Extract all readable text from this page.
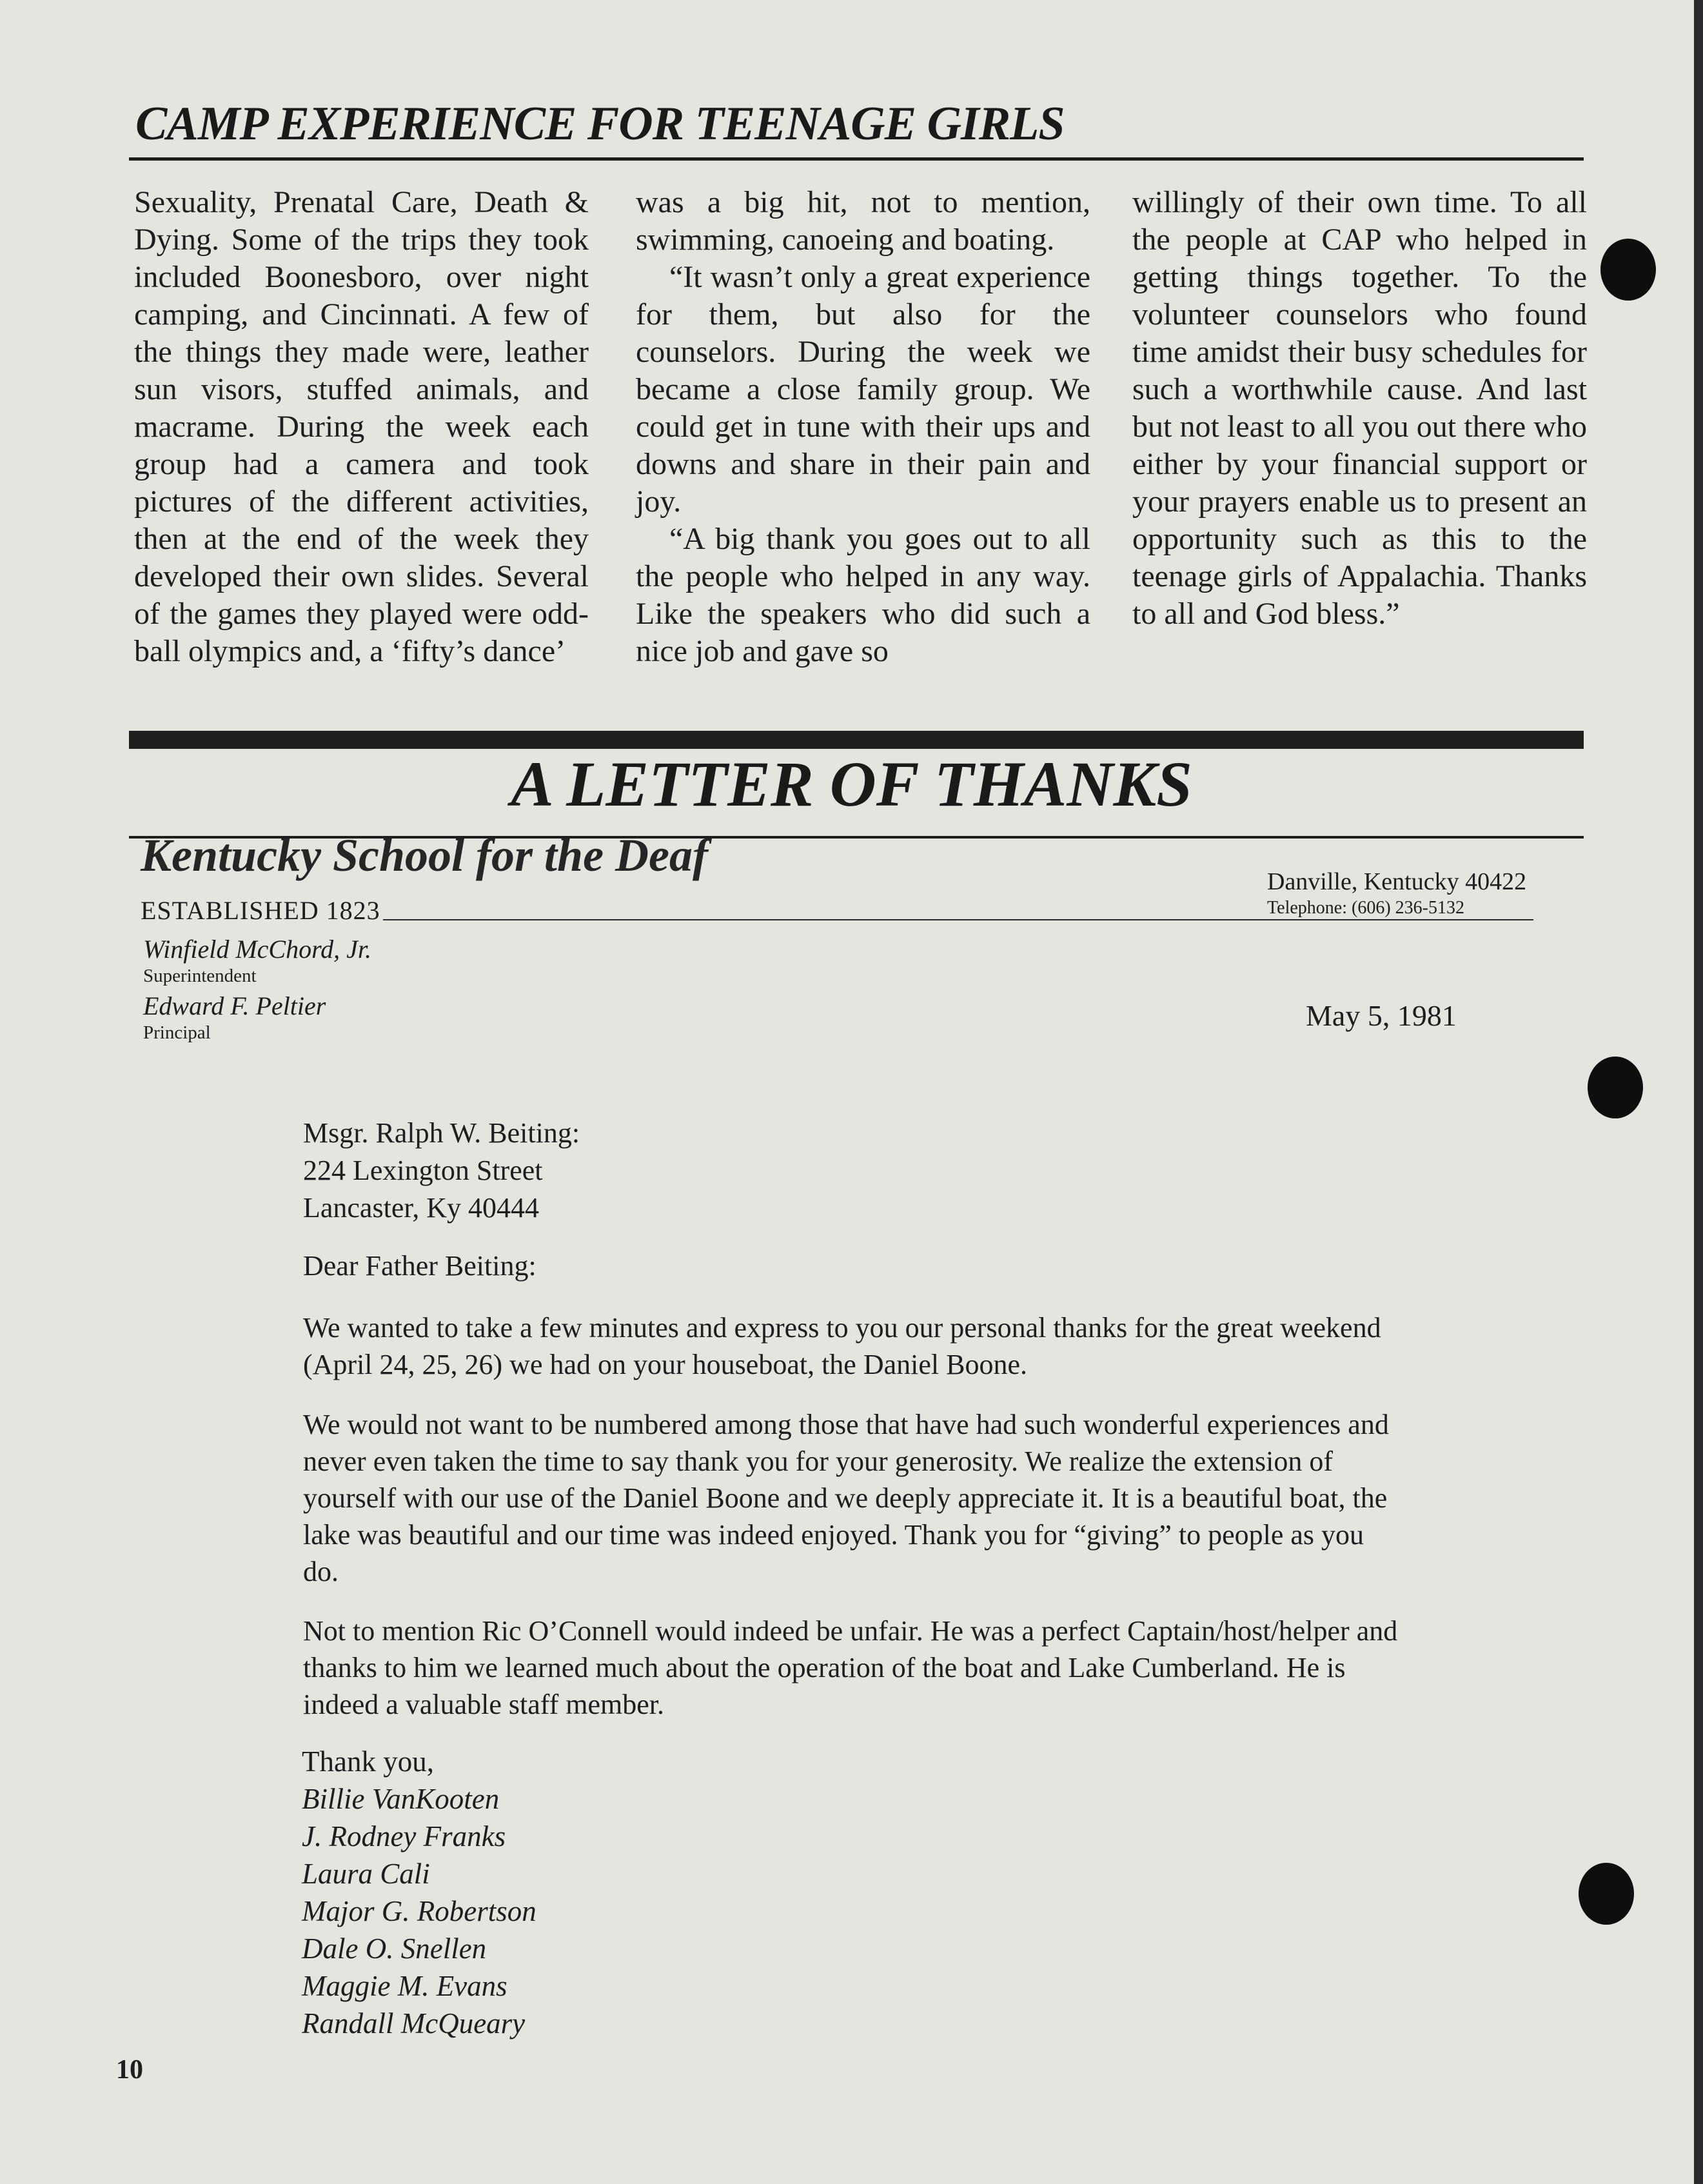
CAMP EXPERIENCE FOR TEENAGE GIRLS

Sexuality, Prenatal Care, Death & Dying. Some of the trips they took included Boonesboro, over night camping, and Cincinnati. A few of the things they made were, leather sun visors, stuffed animals, and macrame. During the week each group had a camera and took pictures of the different activities, then at the end of the week they developed their own slides. Several of the games they played were odd-ball olympics and, a ‘fifty’s dance’

was a big hit, not to mention, swimming, canoeing and boating.

“It wasn’t only a great experience for them, but also for the counselors. During the week we became a close family group. We could get in tune with their ups and downs and share in their pain and joy.

“A big thank you goes out to all the people who helped in any way. Like the speakers who did such a nice job and gave so

willingly of their own time. To all the people at CAP who helped in getting things together. To the volunteer counselors who found time amidst their busy schedules for such a worthwhile cause. And last but not least to all you out there who either by your financial support or your prayers enable us to present an opportunity such as this to the teenage girls of Appalachia. Thanks to all and God bless.”

A LETTER OF THANKS
Kentucky School for the Deaf
Danville, Kentucky 40422
Telephone: (606) 236-5132
ESTABLISHED 1823
Winfield McChord, Jr.
Superintendent
Edward F. Peltier
Principal
May 5, 1981
Msgr. Ralph W. Beiting:
224 Lexington Street
Lancaster, Ky 40444
Dear Father Beiting:
We wanted to take a few minutes and express to you our personal thanks for the great weekend (April 24, 25, 26) we had on your houseboat, the Daniel Boone.
We would not want to be numbered among those that have had such wonderful experiences and never even taken the time to say thank you for your generosity. We realize the extension of yourself with our use of the Daniel Boone and we deeply appreciate it. It is a beautiful boat, the lake was beautiful and our time was indeed enjoyed. Thank you for “giving” to people as you do.
Not to mention Ric O’Connell would indeed be unfair. He was a perfect Captain/host/helper and thanks to him we learned much about the operation of the boat and Lake Cumberland. He is indeed a valuable staff member.
Thank you,
Billie VanKooten
J. Rodney Franks
Laura Cali
Major G. Robertson
Dale O. Snellen
Maggie M. Evans
Randall McQueary
10
